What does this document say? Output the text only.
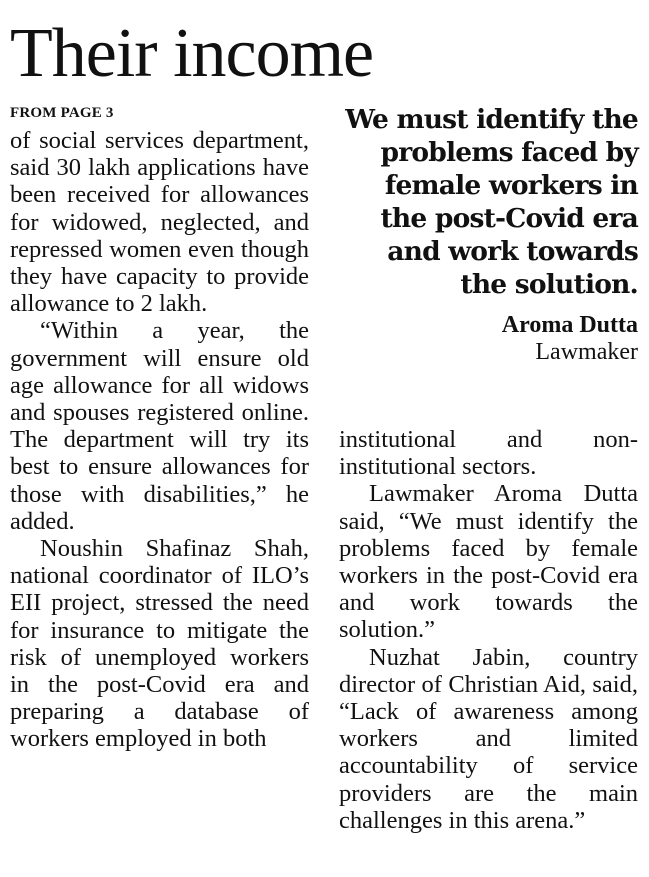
Their income
FROM PAGE 3

of social services department, said 30 lakh applications have been received for allowances for widowed, neglected, and repressed women even though they have capacity to provide allowance to 2 lakh.

“Within a year, the government will ensure old age allowance for all widows and spouses registered online. The department will try its best to ensure allowances for those with disabilities,” he added.

Noushin Shafinaz Shah, national coordinator of ILO’s EII project, stressed the need for insurance to mitigate the risk of unemployed workers in the post-Covid era and preparing a database of workers employed in both

We must identify the problems faced by female workers in the post-Covid era and work towards the solution.

Aroma Dutta
Lawmaker

institutional and non-institutional sectors.

Lawmaker Aroma Dutta said, “We must identify the problems faced by female workers in the post-Covid era and work towards the solution.”

Nuzhat Jabin, country director of Christian Aid, said, “Lack of awareness among workers and limited accountability of service providers are the main challenges in this arena.”
